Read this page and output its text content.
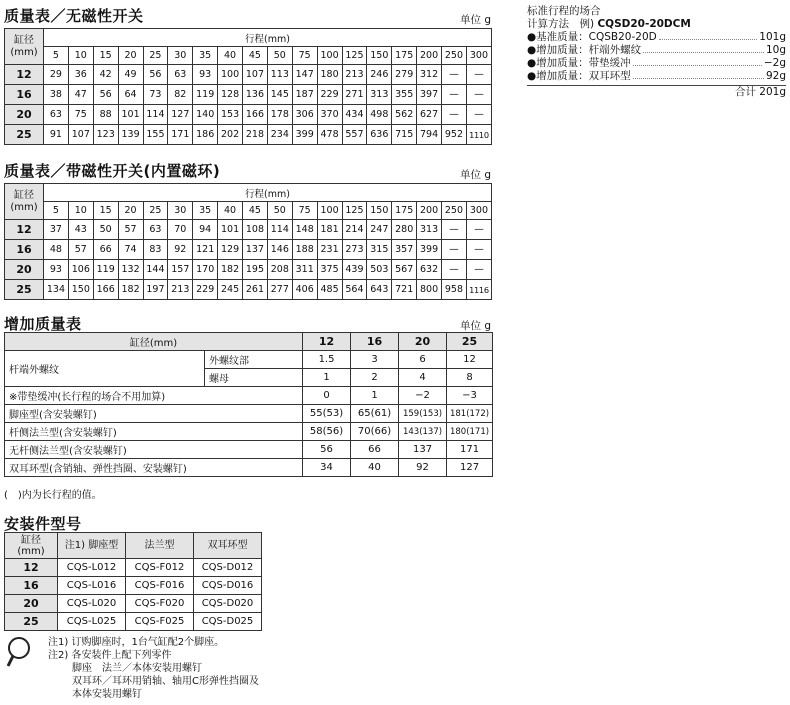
质量表／无磁性开关	单位 g
缸径
(mm)	行程(mm)																	
	5	10	15	20	25	30	35	40	45	50	75	100	125	150	175	200	250	300
12	29	36	42	49	56	63	93	100	107	113	147	180	213	246	279	312	—	—
16	38	47	56	64	73	82	119	128	136	145	187	229	271	313	355	397	—	—
20	63	75	88	101	114	127	140	153	166	178	306	370	434	498	562	627	—	—
25	91	107	123	139	155	171	186	202	218	234	399	478	557	636	715	794	952	1110
质量表／带磁性开关(内置磁环)	单位 g
缸径
(mm)	行程(mm)																	
	5	10	15	20	25	30	35	40	45	50	75	100	125	150	175	200	250	300
12	37	43	50	57	63	70	94	101	108	114	148	181	214	247	280	313	—	—
16	48	57	66	74	83	92	121	129	137	146	188	231	273	315	357	399	—	—
20	93	106	119	132	144	157	170	182	195	208	311	375	439	503	567	632	—	—
25	134	150	166	182	197	213	229	245	261	277	406	485	564	643	721	800	958	1116
增加质量表	单位 g
缸径(mm)		12	16	20	25
杆端外螺纹	外螺纹部	1.5	3	6	12
	螺母	1	2	4	8
※带垫缓冲(长行程的场合不用加算)		0	1	−2	−3
脚座型(含安装螺钉)		55(53)	65(61)	159(153)	181(172)
杆侧法兰型(含安装螺钉)		58(56)	70(66)	143(137)	180(171)
无杆侧法兰型(含安装螺钉)		56	66	137	171
双耳环型(含销轴、弹性挡圈、安装螺钉)		34	40	92	127
(　)内为长行程的值。
安装件型号
缸径
(mm)	注1) 脚座型	法兰型	双耳环型
12	CQS-L012	CQS-F012	CQS-D012
16	CQS-L016	CQS-F016	CQS-D016
20	CQS-L020	CQS-F020	CQS-D020
25	CQS-L025	CQS-F025	CQS-D025
注1) 订购脚座时，1台气缸配2个脚座。
注2) 各安装件上配下列零件
脚座　法兰／本体安装用螺钉
双耳环／耳环用销轴、轴用C形弹性挡圈及
本体安装用螺钉
标准行程的场合
计算方法　例) CQSD20-20DCM
●基准质量：CQSB20-20D	101g
●增加质量：杆端外螺纹	10g
●增加质量：带垫缓冲	−2g
●增加质量：双耳环型	92g
合计 201g
